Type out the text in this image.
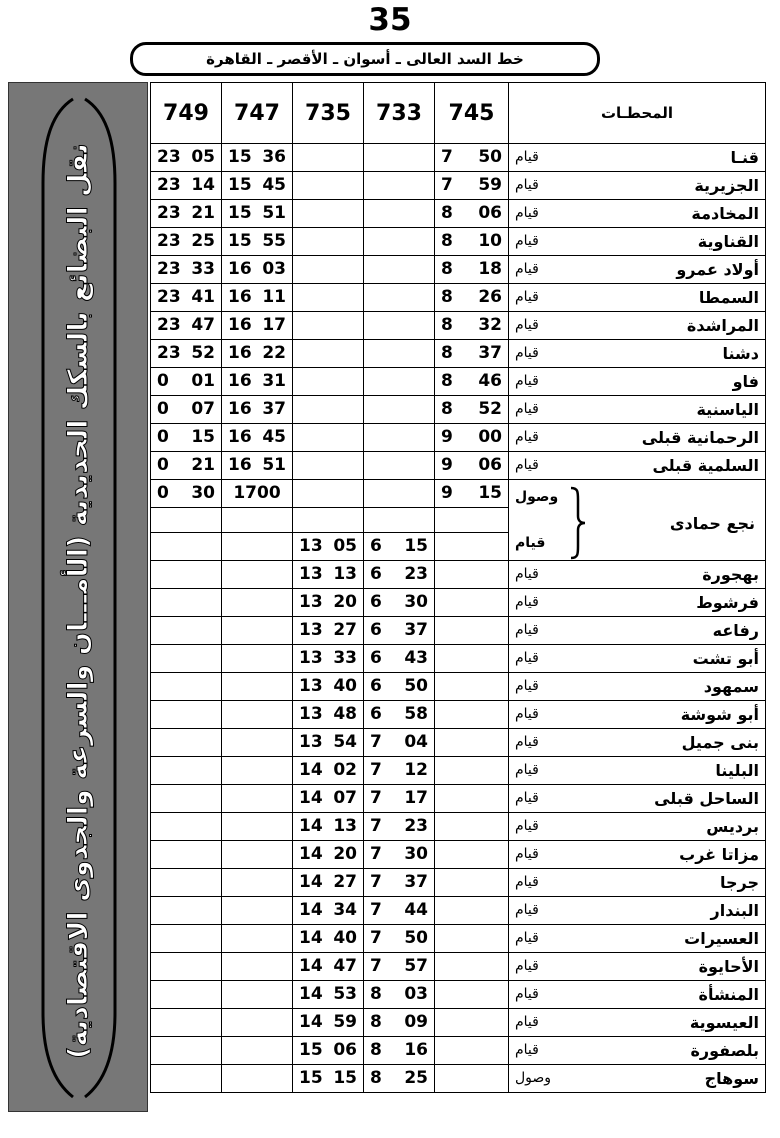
35
خط السد العالى ـ أسوان ـ الأقصر ـ القاهرة
نقل البضائع بالسكك الحديدية (الأمـــان والسرعة والجدوى الاقتصادية)
749	747	735	733	745	المحطـات

23 05	15 36			7 50	قنـا
قيام

23 14	15 45			7 59	الجزيرية
قيام

23 21	15 51			8 06	المخادمة
قيام

23 25	15 55			8 10	القناوية
قيام

23 33	16 03			8 18	أولاد عمرو
قيام

23 41	16 11			8 26	السمطا
قيام

23 47	16 17			8 32	المراشدة
قيام

23 52	16 22			8 37	دشنا
قيام

0 01	16 31			8 46	فاو
قيام

0 07	16 37			8 52	الياسنية
قيام

0 15	16 45			9 00	الرحمانية قبلى
قيام

0 21	16 51			9 06	السلمية قبلى
قيام

0 30	1700			9 15	وصول
نجع حمادى
قيام

		13 05	6 15		

		13 13	6 23		بهجورة
قيام

		13 20	6 30		فرشوط
قيام

		13 27	6 37		رفاعه
قيام

		13 33	6 43		أبو تشت
قيام

		13 40	6 50		سمهود
قيام

		13 48	6 58		أبو شوشة
قيام

		13 54	7 04		بنى جميل
قيام

		14 02	7 12		البلينا
قيام

		14 07	7 17		الساحل قبلى
قيام

		14 13	7 23		برديس
قيام

		14 20	7 30		مزاتا غرب
قيام

		14 27	7 37		جرجا
قيام

		14 34	7 44		البندار
قيام

		14 40	7 50		العسيرات
قيام

		14 47	7 57		الأحايوة
قيام

		14 53	8 03		المنشأة
قيام

		14 59	8 09		العيسوية
قيام

		15 06	8 16		بلصفورة
قيام

		15 15	8 25		سوهاج
وصول
